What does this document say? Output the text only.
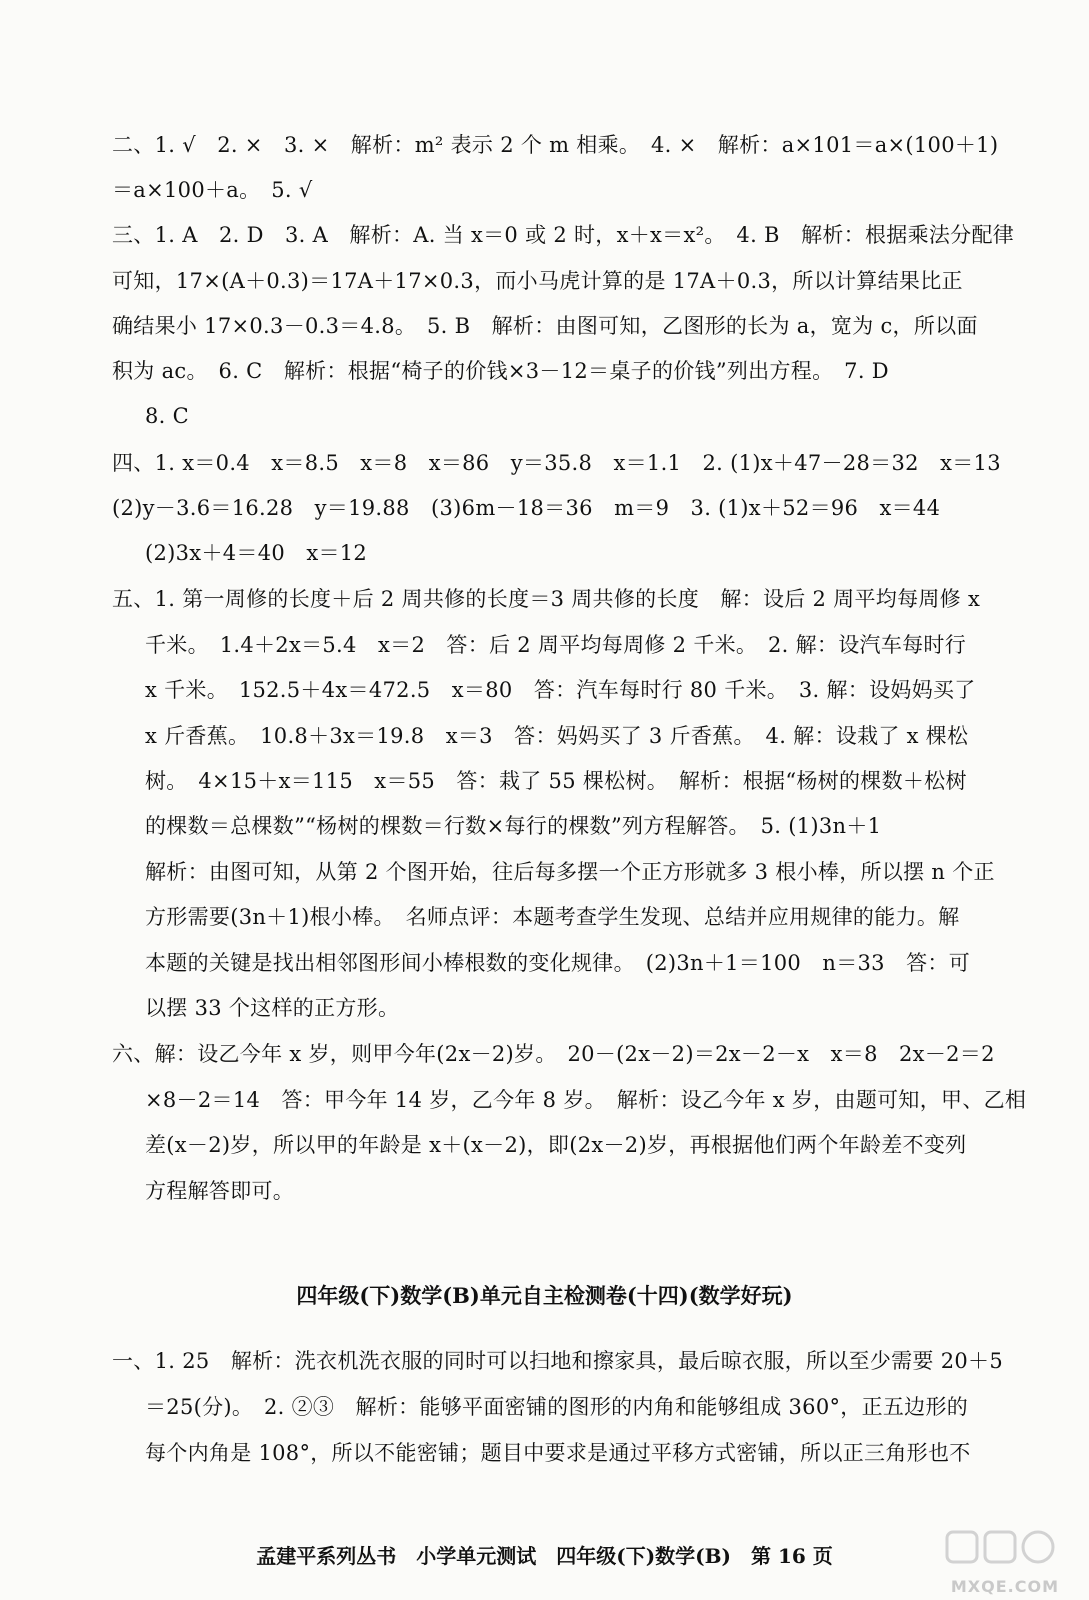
二、1. √　2. ×　3. ×　解析：m² 表示 2 个 m 相乘。　4. ×　解析：a×101＝a×(100＋1)
＝a×100＋a。　5. √
三、1. A　2. D　3. A　解析：A. 当 x＝0 或 2 时，x＋x＝x²。　4. B　解析：根据乘法分配律
可知，17×(A＋0.3)＝17A＋17×0.3，而小马虎计算的是 17A＋0.3，所以计算结果比正
确结果小 17×0.3－0.3＝4.8。　5. B　解析：由图可知，乙图形的长为 a，宽为 c，所以面
积为 ac。　6. C　解析：根据“椅子的价钱×3－12＝桌子的价钱”列出方程。　7. D
8. C
四、1. x＝0.4　x＝8.5　x＝8　x＝86　y＝35.8　x＝1.1　2. (1)x＋47－28＝32　x＝13
(2)y－3.6＝16.28　y＝19.88　(3)6m－18＝36　m＝9　3. (1)x＋52＝96　x＝44
(2)3x＋4＝40　x＝12
五、1. 第一周修的长度＋后 2 周共修的长度＝3 周共修的长度　解：设后 2 周平均每周修 x
千米。　1.4＋2x＝5.4　x＝2　答：后 2 周平均每周修 2 千米。　2. 解：设汽车每时行
x 千米。　152.5＋4x＝472.5　x＝80　答：汽车每时行 80 千米。　3. 解：设妈妈买了
x 斤香蕉。　10.8＋3x＝19.8　x＝3　答：妈妈买了 3 斤香蕉。　4. 解：设栽了 x 棵松
树。　4×15＋x＝115　x＝55　答：栽了 55 棵松树。　解析：根据“杨树的棵数＋松树
的棵数＝总棵数”“杨树的棵数＝行数×每行的棵数”列方程解答。　5. (1)3n＋1
解析：由图可知，从第 2 个图开始，往后每多摆一个正方形就多 3 根小棒，所以摆 n 个正
方形需要(3n＋1)根小棒。　名师点评：本题考查学生发现、总结并应用规律的能力。解
本题的关键是找出相邻图形间小棒根数的变化规律。　(2)3n＋1＝100　n＝33　答：可
以摆 33 个这样的正方形。
六、解：设乙今年 x 岁，则甲今年(2x－2)岁。　20－(2x－2)＝2x－2－x　x＝8　2x－2＝2
×8－2＝14　答：甲今年 14 岁，乙今年 8 岁。　解析：设乙今年 x 岁，由题可知，甲、乙相
差(x－2)岁，所以甲的年龄是 x＋(x－2)，即(2x－2)岁，再根据他们两个年龄差不变列
方程解答即可。
四年级(下)数学(B)单元自主检测卷(十四)(数学好玩)
一、1. 25　解析：洗衣机洗衣服的同时可以扫地和擦家具，最后晾衣服，所以至少需要 20＋5
＝25(分)。　2. ②③　解析：能够平面密铺的图形的内角和能够组成 360°，正五边形的
每个内角是 108°，所以不能密铺；题目中要求是通过平移方式密铺，所以正三角形也不
孟建平系列丛书　小学单元测试　四年级(下)数学(B)　第 16 页
MXQE.COM
